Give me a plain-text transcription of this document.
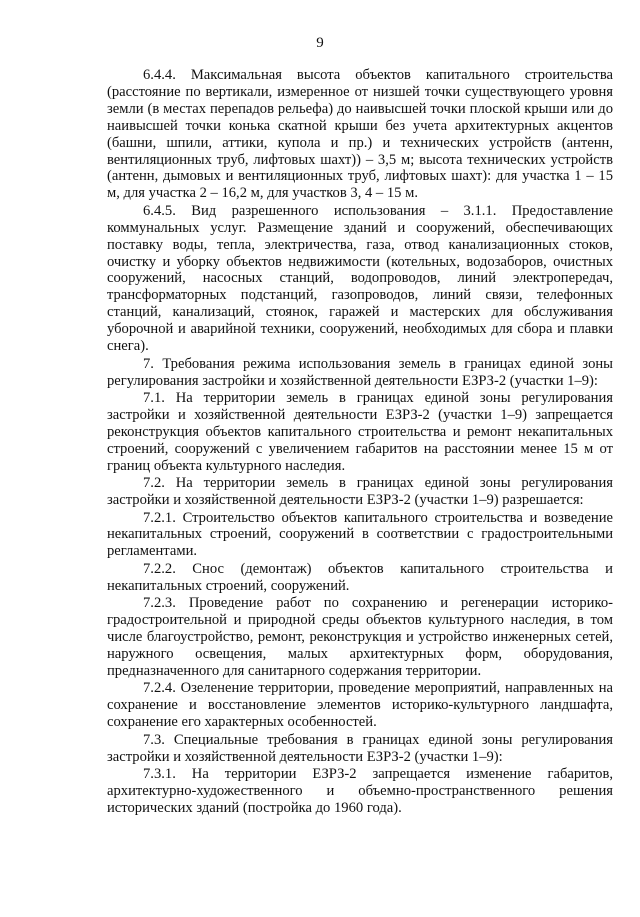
9

6.4.4. Максимальная высота объектов капитального строительства (расстояние по вертикали, измеренное от низшей точки существующего уровня земли (в местах перепадов рельефа) до наивысшей точки плоской крыши или до наивысшей точки конька скатной крыши без учета архитектурных акцентов (башни, шпили, аттики, купола и пр.) и технических устройств (антенн, вентиляционных труб, лифтовых шахт)) – 3,5 м; высота технических устройств (антенн, дымовых и вентиляционных труб, лифтовых шахт): для участка 1 – 15 м, для участка 2 – 16,2 м, для участков 3, 4 – 15 м.

6.4.5. Вид разрешенного использования – 3.1.1. Предоставление коммунальных услуг. Размещение зданий и сооружений, обеспечивающих поставку воды, тепла, электричества, газа, отвод канализационных стоков, очистку и уборку объектов недвижимости (котельных, водозаборов, очистных сооружений, насосных станций, водопроводов, линий электропередач, трансформаторных подстанций, газопроводов, линий связи, телефонных станций, канализаций, стоянок, гаражей и мастерских для обслуживания уборочной и аварийной техники, сооружений, необходимых для сбора и плавки снега).

7. Требования режима использования земель в границах единой зоны регулирования застройки и хозяйственной деятельности ЕЗРЗ-2 (участки 1–9):

7.1. На территории земель в границах единой зоны регулирования застройки и хозяйственной деятельности ЕЗРЗ-2 (участки 1–9) запрещается реконструкция объектов капитального строительства и ремонт некапитальных строений, сооружений с увеличением габаритов на расстоянии менее 15 м от границ объекта культурного наследия.

7.2. На территории земель в границах единой зоны регулирования застройки и хозяйственной деятельности ЕЗРЗ-2 (участки 1–9) разрешается:

7.2.1. Строительство объектов капитального строительства и возведение некапитальных строений, сооружений в соответствии с градостроительными регламентами.

7.2.2. Снос (демонтаж) объектов капитального строительства и некапитальных строений, сооружений.

7.2.3. Проведение работ по сохранению и регенерации историко-градостроительной и природной среды объектов культурного наследия, в том числе благоустройство, ремонт, реконструкция и устройство инженерных сетей, наружного освещения, малых архитектурных форм, оборудования, предназначенного для санитарного содержания территории.

7.2.4. Озеленение территории, проведение мероприятий, направленных на сохранение и восстановление элементов историко-культурного ландшафта, сохранение его характерных особенностей.

7.3. Специальные требования в границах единой зоны регулирования застройки и хозяйственной деятельности ЕЗРЗ-2 (участки 1–9):

7.3.1. На территории ЕЗРЗ-2 запрещается изменение габаритов, архитектурно-художественного и объемно-пространственного решения исторических зданий (постройка до 1960 года).
